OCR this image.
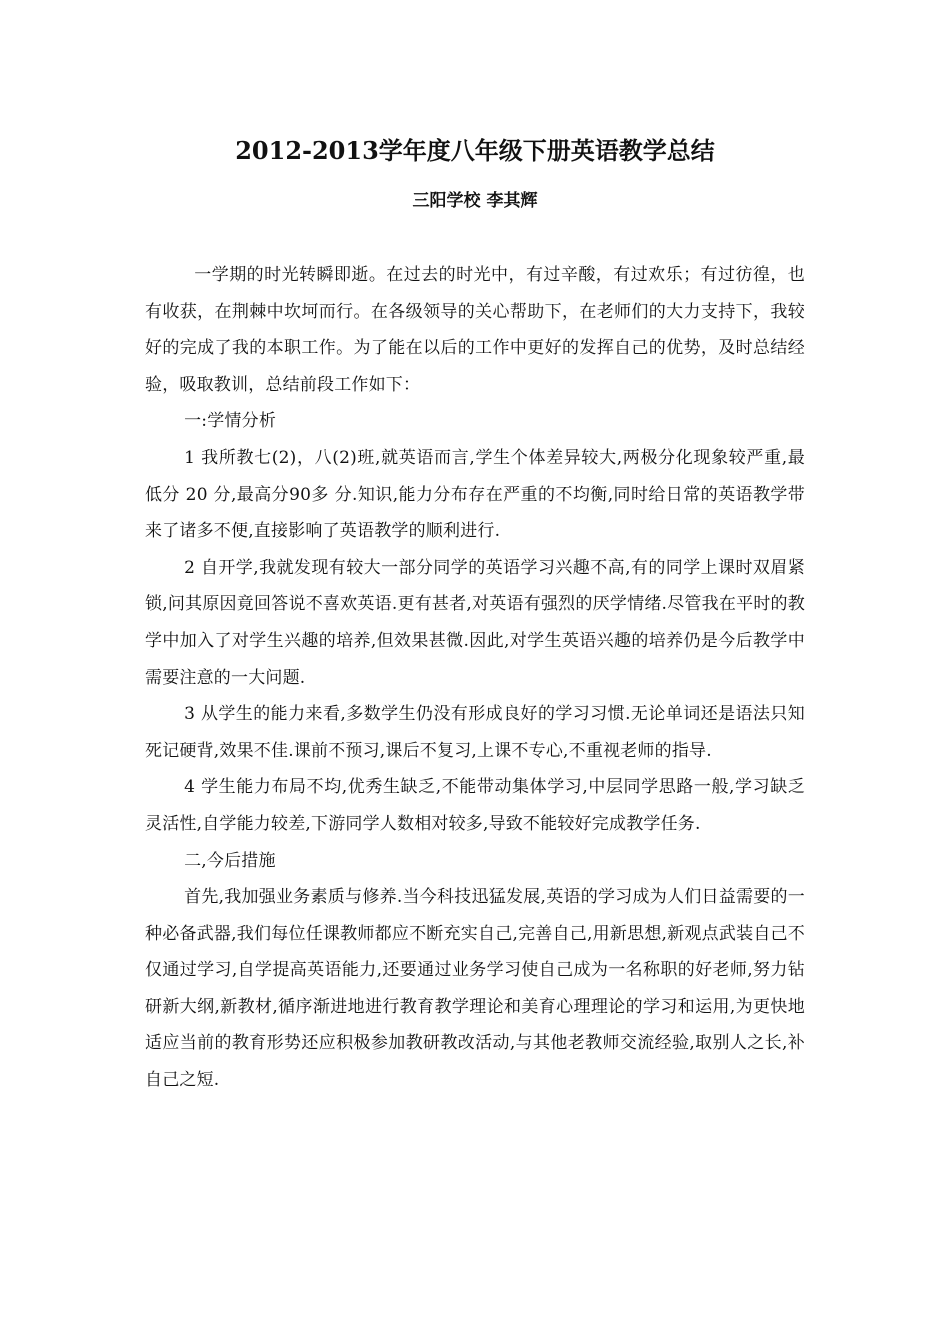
2012-2013学年度八年级下册英语教学总结
三阳学校 李其辉

一学期的时光转瞬即逝。在过去的时光中，有过辛酸，有过欢乐；有过彷徨，也有收获，在荆棘中坎坷而行。在各级领导的关心帮助下，在老师们的大力支持下，我较好的完成了我的本职工作。为了能在以后的工作中更好的发挥自己的优势，及时总结经验，吸取教训，总结前段工作如下：

一:学情分析

1 我所教七(2)，八(2)班,就英语而言,学生个体差异较大,两极分化现象较严重,最低分 20 分,最高分90多 分.知识,能力分布存在严重的不均衡,同时给日常的英语教学带来了诸多不便,直接影响了英语教学的顺利进行.

2 自开学,我就发现有较大一部分同学的英语学习兴趣不高,有的同学上课时双眉紧锁,问其原因竟回答说不喜欢英语.更有甚者,对英语有强烈的厌学情绪.尽管我在平时的教学中加入了对学生兴趣的培养,但效果甚微.因此,对学生英语兴趣的培养仍是今后教学中需要注意的一大问题.

3 从学生的能力来看,多数学生仍没有形成良好的学习习惯.无论单词还是语法只知死记硬背,效果不佳.课前不预习,课后不复习,上课不专心,不重视老师的指导.

4 学生能力布局不均,优秀生缺乏,不能带动集体学习,中层同学思路一般,学习缺乏灵活性,自学能力较差,下游同学人数相对较多,导致不能较好完成教学任务.

二,今后措施

首先,我加强业务素质与修养.当今科技迅猛发展,英语的学习成为人们日益需要的一种必备武器,我们每位任课教师都应不断充实自己,完善自己,用新思想,新观点武装自己不仅通过学习,自学提高英语能力,还要通过业务学习使自己成为一名称职的好老师,努力钻研新大纲,新教材,循序渐进地进行教育教学理论和美育心理理论的学习和运用,为更快地适应当前的教育形势还应积极参加教研教改活动,与其他老教师交流经验,取别人之长,补自己之短.
